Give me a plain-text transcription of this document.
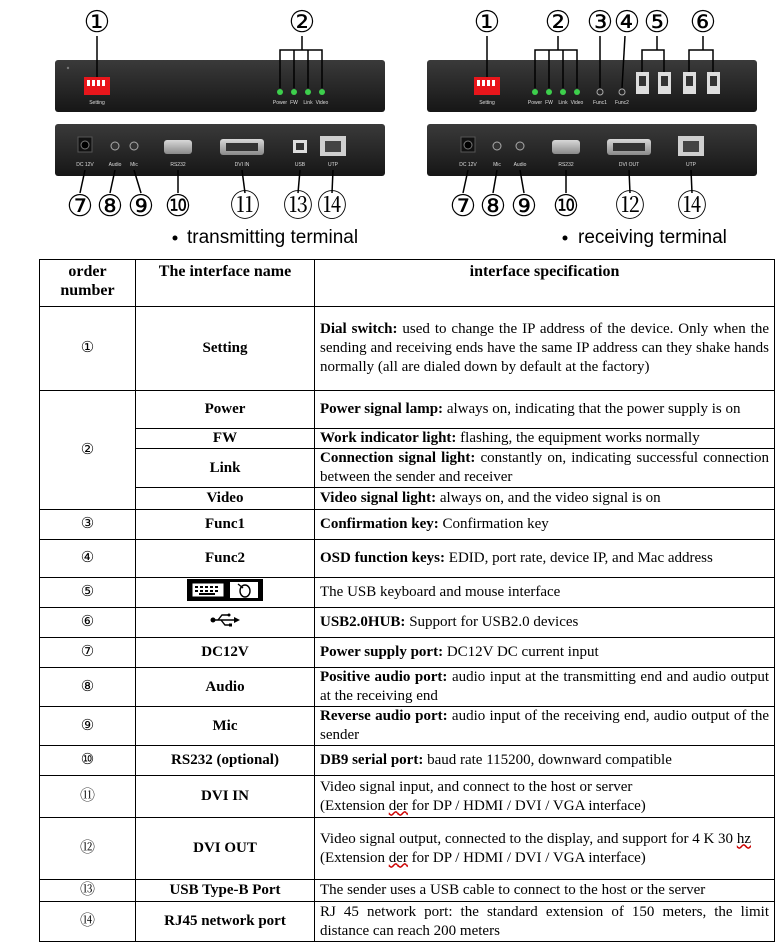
Setting	Power FW Link Video
DC 12V	Audio Mic	RS232	DVI IN	USB	UTP
①	②
⑦ ⑧ ⑨ ⑩ ⑪ ⑬ ⑭
transmitting terminal
Setting	Power FW Link Video Func1 Func2
DC 12V	Mic	Audio	RS232	DVI OUT	UTP
① ② ③ ④ ⑤ ⑥
⑦ ⑧ ⑨ ⑩ ⑫ ⑭
receiving terminal
order number	The interface name	interface specification
①	Setting	Dial switch: used to change the IP address of the device. Only when the sending and receiving ends have the same IP address can they shake hands normally (all are dialed down by default at the factory)
②	Power	Power signal lamp: always on, indicating that the power supply is on
	FW	Work indicator light: flashing, the equipment works normally
	Link	Connection signal light: constantly on, indicating successful connection between the sender and receiver
	Video	Video signal light: always on, and the video signal is on
③	Func1	Confirmation key: Confirmation key
④	Func2	OSD function keys: EDID, port rate, device IP, and Mac address
⑤		The USB keyboard and mouse interface
⑥		USB2.0HUB: Support for USB2.0 devices
⑦	DC12V	Power supply port: DC12V DC current input
⑧	Audio	Positive audio port: audio input at the transmitting end and audio output at the receiving end
⑨	Mic	Reverse audio port: audio input of the receiving end, audio output of the sender
⑩	RS232 (optional)	DB9 serial port: baud rate 115200, downward compatible
⑪	DVI IN	Video signal input, and connect to the host or server
(Extension der for DP / HDMI / DVI / VGA interface)
⑫	DVI OUT	Video signal output, connected to the display, and support for 4 K 30 hz
(Extension der for DP / HDMI / DVI / VGA interface)
⑬	USB Type-B Port	The sender uses a USB cable to connect to the host or the server
⑭	RJ45 network port	RJ 45 network port: the standard extension of 150 meters, the limit distance can reach 200 meters
